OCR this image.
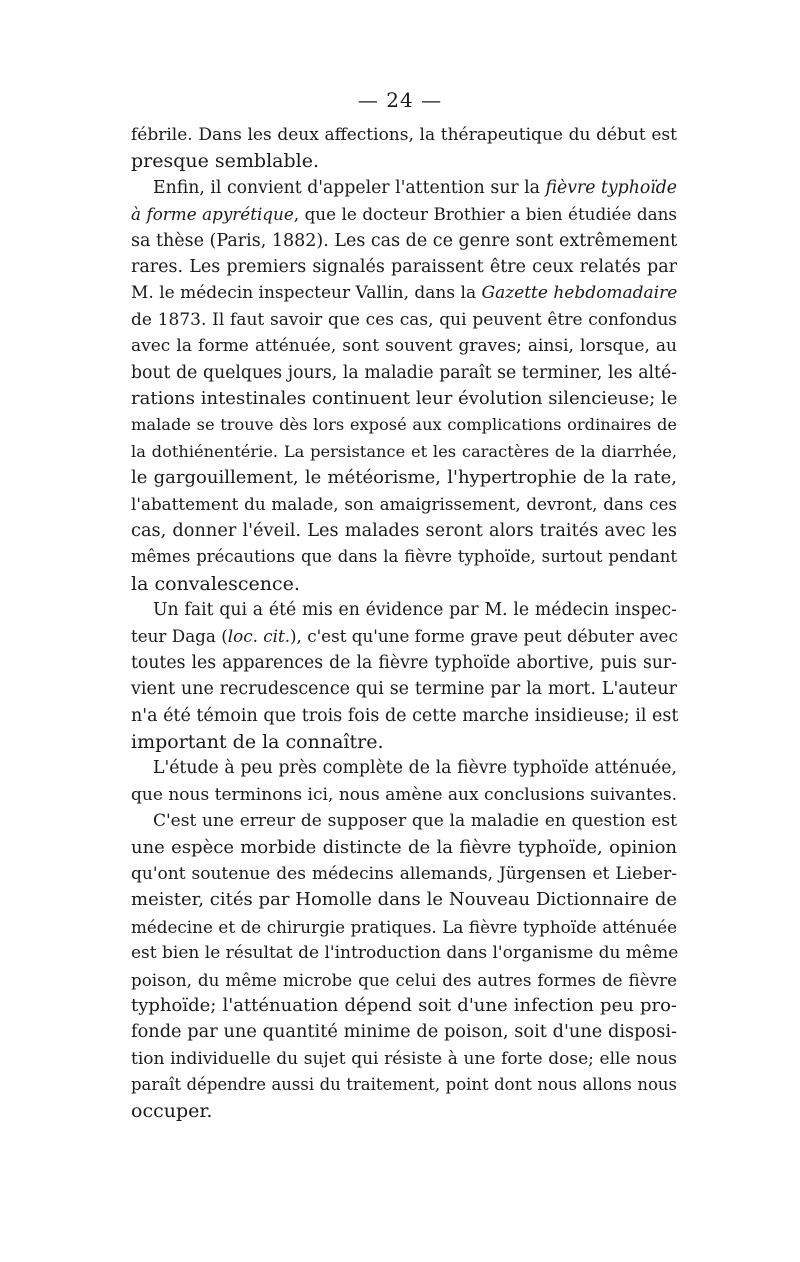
— 24 —
fébrile. Dans les deux affections, la thérapeutique du début est
presque semblable.
Enfin, il convient d'appeler l'attention sur la fièvre typhoïde
à forme apyrétique, que le docteur Brothier a bien étudiée dans
sa thèse (Paris, 1882). Les cas de ce genre sont extrêmement
rares. Les premiers signalés paraissent être ceux relatés par
M. le médecin inspecteur Vallin, dans la Gazette hebdomadaire
de 1873. Il faut savoir que ces cas, qui peuvent être confondus
avec la forme atténuée, sont souvent graves; ainsi, lorsque, au
bout de quelques jours, la maladie paraît se terminer, les alté-
rations intestinales continuent leur évolution silencieuse; le
malade se trouve dès lors exposé aux complications ordinaires de
la dothiénentérie. La persistance et les caractères de la diarrhée,
le gargouillement, le météorisme, l'hypertrophie de la rate,
l'abattement du malade, son amaigrissement, devront, dans ces
cas, donner l'éveil. Les malades seront alors traités avec les
mêmes précautions que dans la fièvre typhoïde, surtout pendant
la convalescence.
Un fait qui a été mis en évidence par M. le médecin inspec-
teur Daga (loc. cit.), c'est qu'une forme grave peut débuter avec
toutes les apparences de la fièvre typhoïde abortive, puis sur-
vient une recrudescence qui se termine par la mort. L'auteur
n'a été témoin que trois fois de cette marche insidieuse; il est
important de la connaître.
L'étude à peu près complète de la fièvre typhoïde atténuée,
que nous terminons ici, nous amène aux conclusions suivantes.
C'est une erreur de supposer que la maladie en question est
une espèce morbide distincte de la fièvre typhoïde, opinion
qu'ont soutenue des médecins allemands, Jürgensen et Lieber-
meister, cités par Homolle dans le Nouveau Dictionnaire de
médecine et de chirurgie pratiques. La fièvre typhoïde atténuée
est bien le résultat de l'introduction dans l'organisme du même
poison, du même microbe que celui des autres formes de fièvre
typhoïde; l'atténuation dépend soit d'une infection peu pro-
fonde par une quantité minime de poison, soit d'une disposi-
tion individuelle du sujet qui résiste à une forte dose; elle nous
paraît dépendre aussi du traitement, point dont nous allons nous
occuper.
